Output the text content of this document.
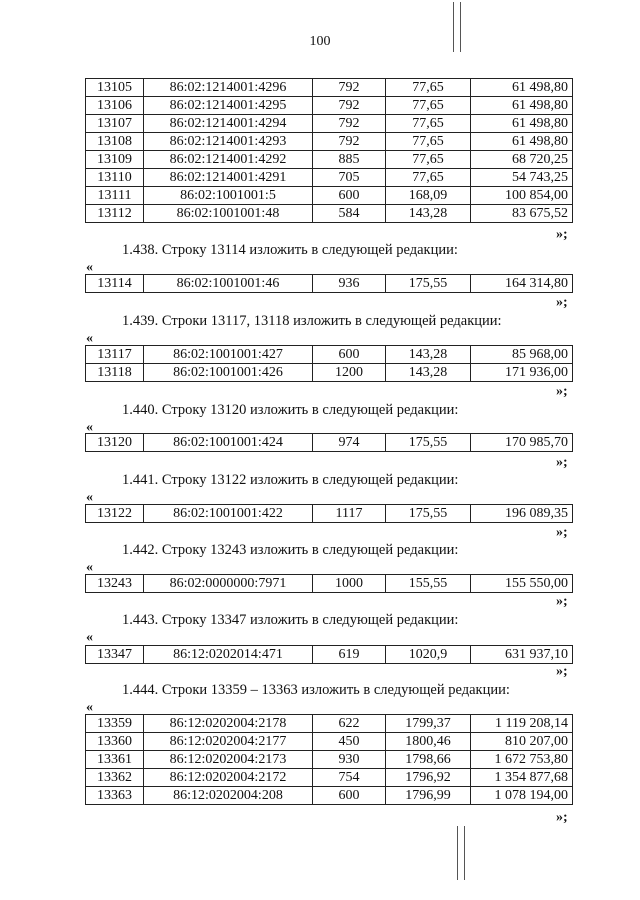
100
13105	86:02:1214001:4296	792	77,65	61 498,80
13106	86:02:1214001:4295	792	77,65	61 498,80
13107	86:02:1214001:4294	792	77,65	61 498,80
13108	86:02:1214001:4293	792	77,65	61 498,80
13109	86:02:1214001:4292	885	77,65	68 720,25
13110	86:02:1214001:4291	705	77,65	54 743,25
13111	86:02:1001001:5	600	168,09	100 854,00
13112	86:02:1001001:48	584	143,28	83 675,52
»;
1.438. Строку 13114 изложить в следующей редакции:
«
13114	86:02:1001001:46	936	175,55	164 314,80
»;
1.439. Строки 13117, 13118 изложить в следующей редакции:
«
13117	86:02:1001001:427	600	143,28	85 968,00
13118	86:02:1001001:426	1200	143,28	171 936,00
»;
1.440. Строку 13120 изложить в следующей редакции:
«
13120	86:02:1001001:424	974	175,55	170 985,70
»;
1.441. Строку 13122 изложить в следующей редакции:
«
13122	86:02:1001001:422	1117	175,55	196 089,35
»;
1.442. Строку 13243 изложить в следующей редакции:
«
13243	86:02:0000000:7971	1000	155,55	155 550,00
»;
1.443. Строку 13347 изложить в следующей редакции:
«
13347	86:12:0202014:471	619	1020,9	631 937,10
»;
1.444. Строки 13359 – 13363 изложить в следующей редакции:
«
13359	86:12:0202004:2178	622	1799,37	1 119 208,14
13360	86:12:0202004:2177	450	1800,46	810 207,00
13361	86:12:0202004:2173	930	1798,66	1 672 753,80
13362	86:12:0202004:2172	754	1796,92	1 354 877,68
13363	86:12:0202004:208	600	1796,99	1 078 194,00
»;
